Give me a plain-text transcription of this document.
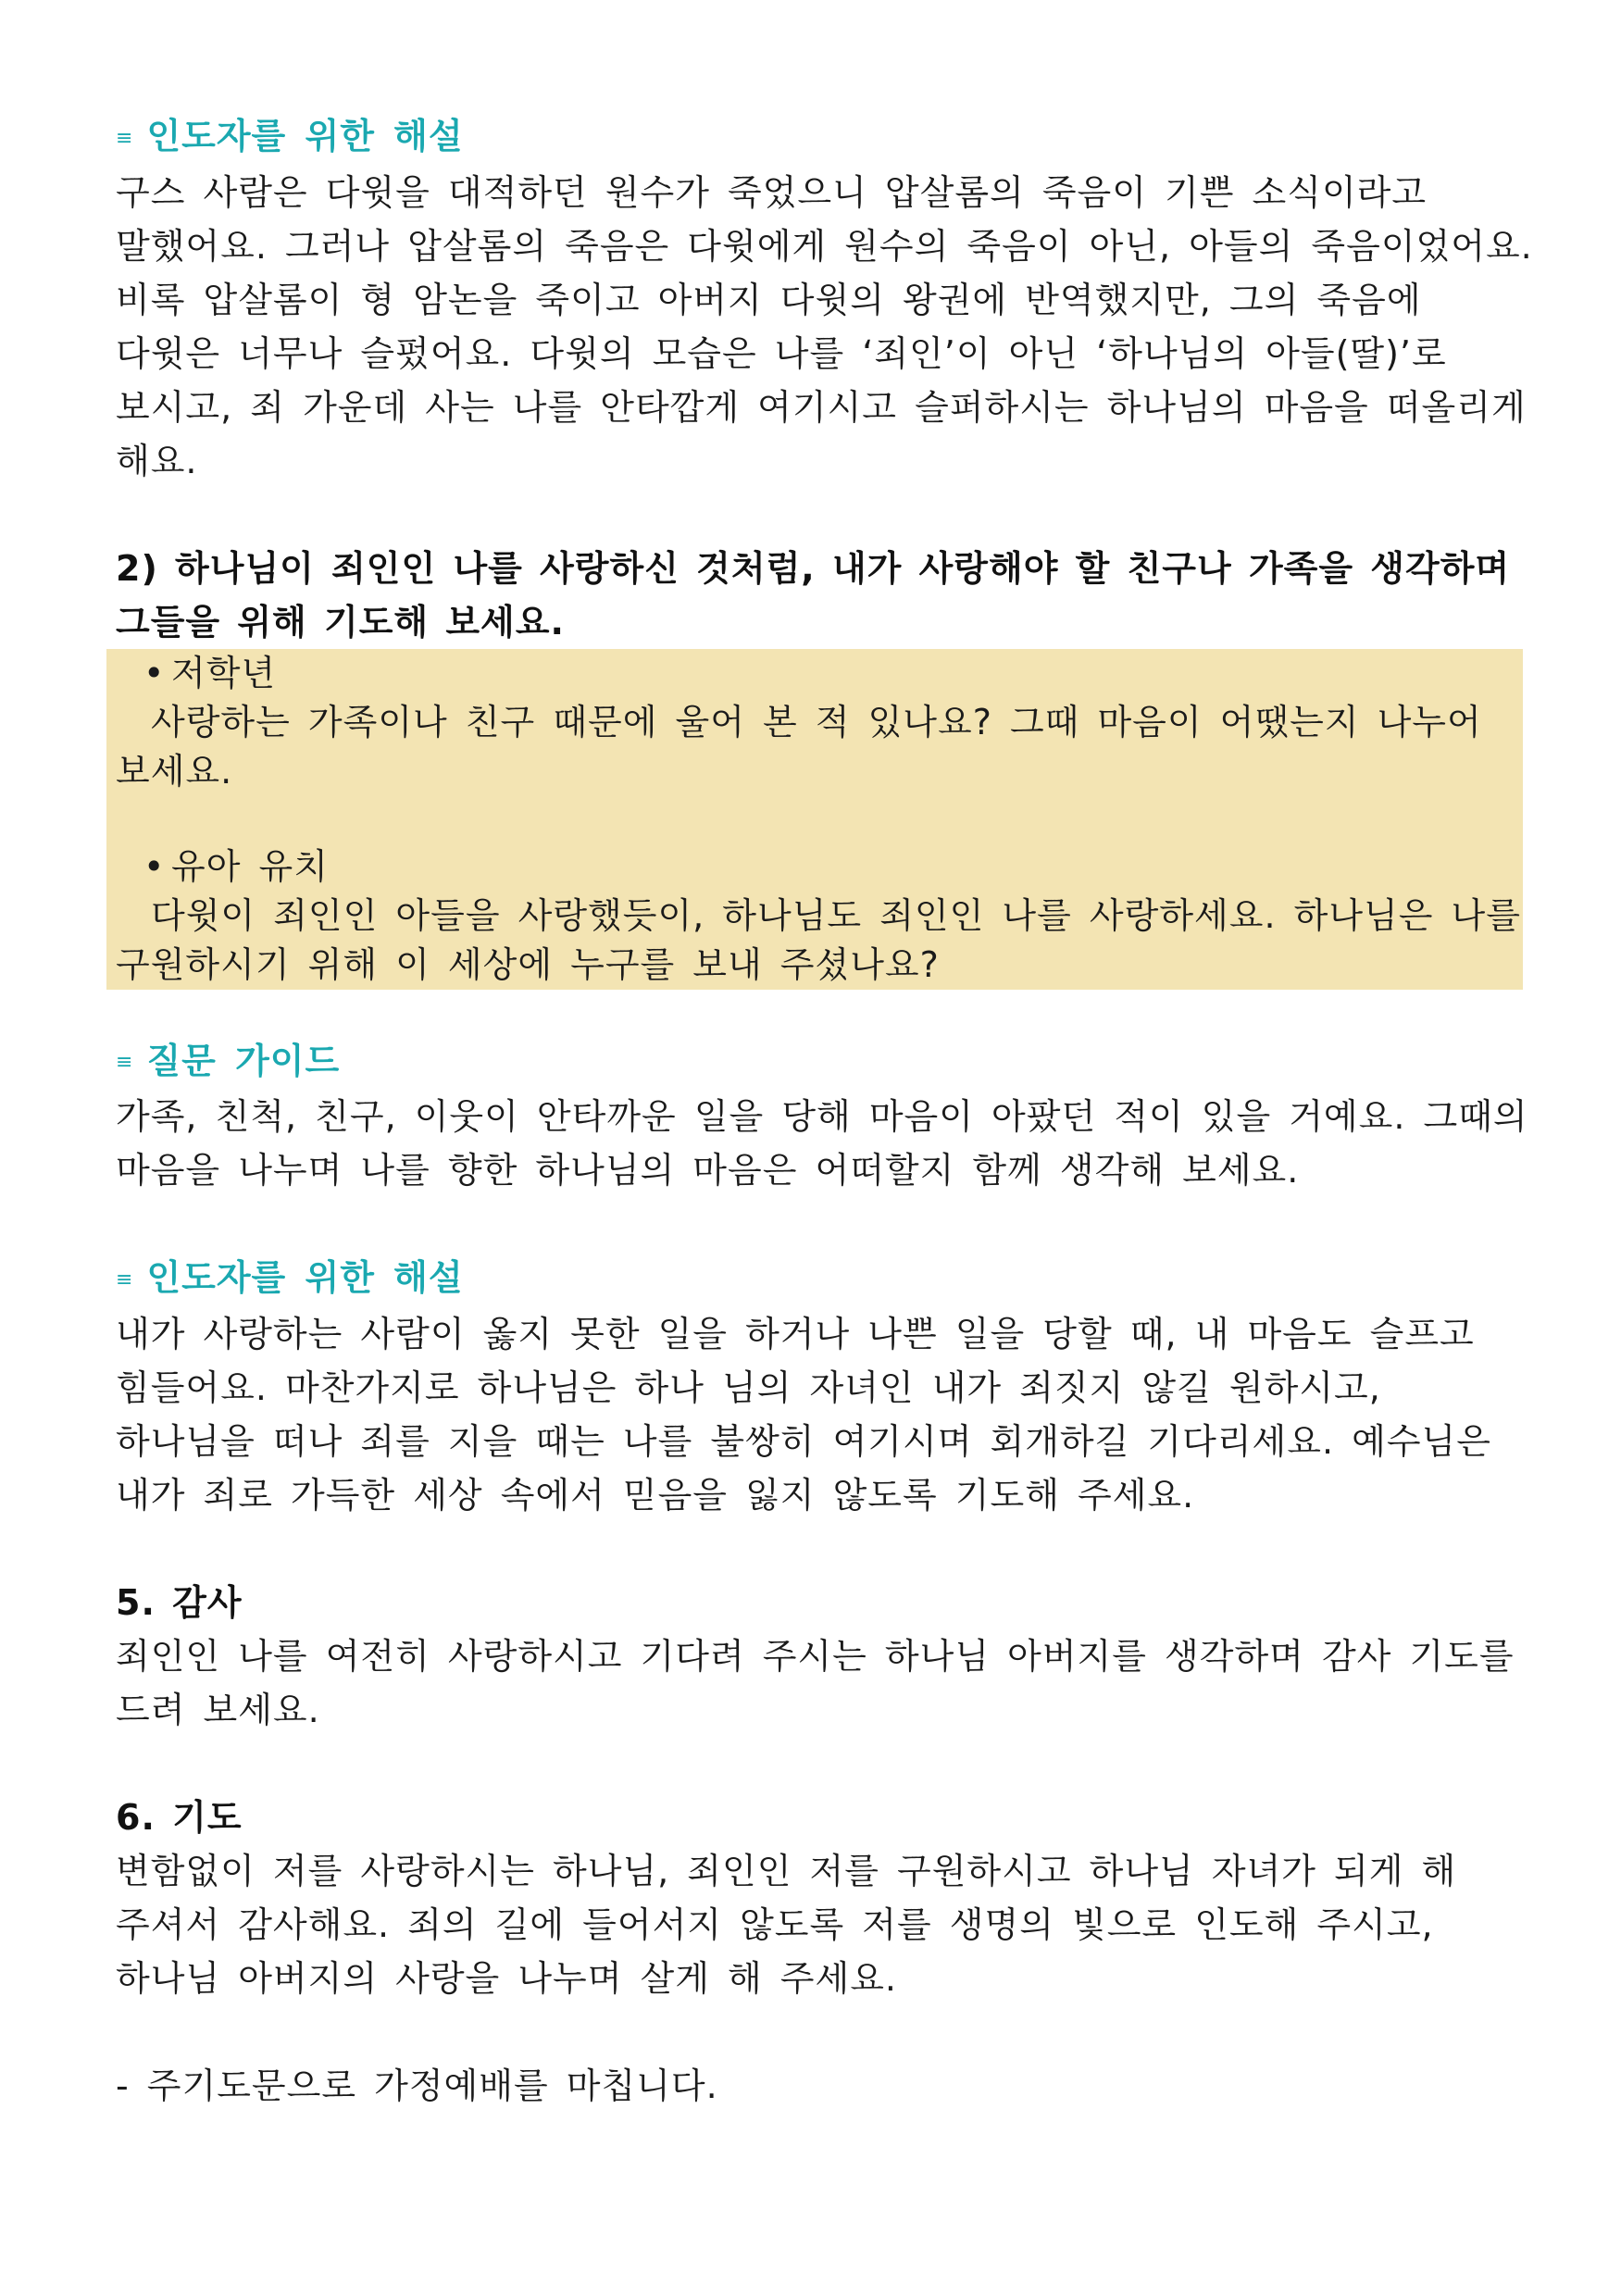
≡ 인도자를 위한 해설
구스 사람은 다윗을 대적하던 원수가 죽었으니 압살롬의 죽음이 기쁜 소식이라고
말했어요. 그러나 압살롬의 죽음은 다윗에게 원수의 죽음이 아닌, 아들의 죽음이었어요.
비록 압살롬이 형 암논을 죽이고 아버지 다윗의 왕권에 반역했지만, 그의 죽음에
다윗은 너무나 슬펐어요. 다윗의 모습은 나를 ‘죄인’이 아닌 ‘하나님의 아들(딸)’로
보시고, 죄 가운데 사는 나를 안타깝게 여기시고 슬퍼하시는 하나님의 마음을 떠올리게
해요.
2) 하나님이 죄인인 나를 사랑하신 것처럼, 내가 사랑해야 할 친구나 가족을 생각하며
그들을 위해 기도해 보세요.
• 저학년
사랑하는 가족이나 친구 때문에 울어 본 적 있나요? 그때 마음이 어땠는지 나누어
보세요.
• 유아 유치
다윗이 죄인인 아들을 사랑했듯이, 하나님도 죄인인 나를 사랑하세요. 하나님은 나를
구원하시기 위해 이 세상에 누구를 보내 주셨나요?
≡ 질문 가이드
가족, 친척, 친구, 이웃이 안타까운 일을 당해 마음이 아팠던 적이 있을 거예요. 그때의
마음을 나누며 나를 향한 하나님의 마음은 어떠할지 함께 생각해 보세요.
≡ 인도자를 위한 해설
내가 사랑하는 사람이 옳지 못한 일을 하거나 나쁜 일을 당할 때, 내 마음도 슬프고
힘들어요. 마찬가지로 하나님은 하나 님의 자녀인 내가 죄짓지 않길 원하시고,
하나님을 떠나 죄를 지을 때는 나를 불쌍히 여기시며 회개하길 기다리세요. 예수님은
내가 죄로 가득한 세상 속에서 믿음을 잃지 않도록 기도해 주세요.
5. 감사
죄인인 나를 여전히 사랑하시고 기다려 주시는 하나님 아버지를 생각하며 감사 기도를
드려 보세요.
6. 기도
변함없이 저를 사랑하시는 하나님, 죄인인 저를 구원하시고 하나님 자녀가 되게 해
주셔서 감사해요. 죄의 길에 들어서지 않도록 저를 생명의 빛으로 인도해 주시고,
하나님 아버지의 사랑을 나누며 살게 해 주세요.
- 주기도문으로 가정예배를 마칩니다.
